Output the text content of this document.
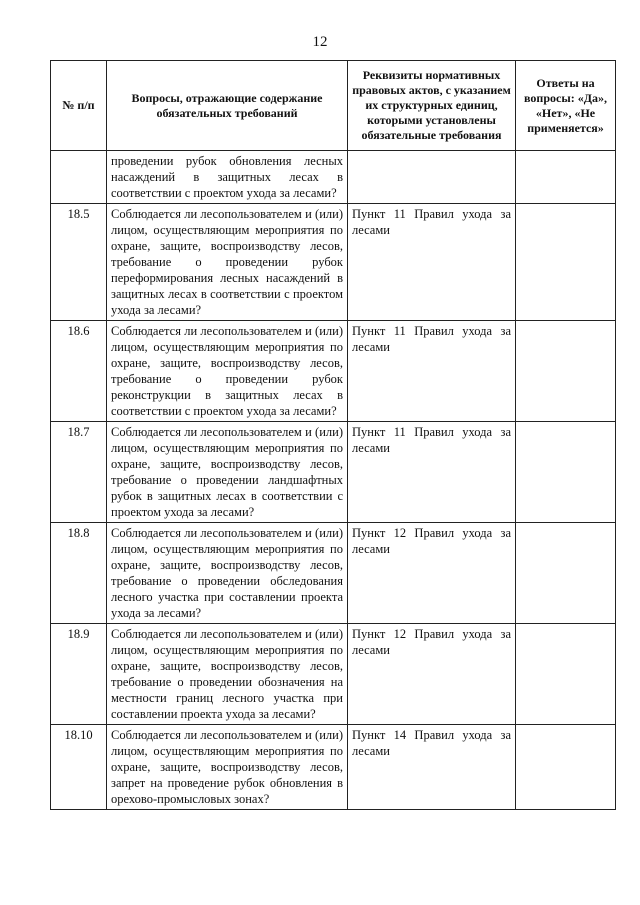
12
№ п/п	Вопросы, отражающие содержание обязательных требований	Реквизиты нормативных правовых актов, с указанием их структурных единиц, которыми установлены обязательные требования	Ответы на вопросы: «Да», «Нет», «Не применяется»
	проведении рубок обновления лесных насаждений в защитных лесах в соответствии с проектом ухода за лесами?		
18.5	Соблюдается ли лесопользователем и (или) лицом, осуществляющим мероприятия по охране, защите, воспроизводству лесов, требование о проведении рубок переформирования лесных насаждений в защитных лесах в соответствии с проектом ухода за лесами?	Пункт 11 Правил ухода за лесами	
18.6	Соблюдается ли лесопользователем и (или) лицом, осуществляющим мероприятия по охране, защите, воспроизводству лесов, требование о проведении рубок реконструкции в защитных лесах в соответствии с проектом ухода за лесами?	Пункт 11 Правил ухода за лесами	
18.7	Соблюдается ли лесопользователем и (или) лицом, осуществляющим мероприятия по охране, защите, воспроизводству лесов, требование о проведении ландшафтных рубок в защитных лесах в соответствии с проектом ухода за лесами?	Пункт 11 Правил ухода за лесами	
18.8	Соблюдается ли лесопользователем и (или) лицом, осуществляющим мероприятия по охране, защите, воспроизводству лесов, требование о проведении обследования лесного участка при составлении проекта ухода за лесами?	Пункт 12 Правил ухода за лесами	
18.9	Соблюдается ли лесопользователем и (или) лицом, осуществляющим мероприятия по охране, защите, воспроизводству лесов, требование о проведении обозначения на местности границ лесного участка при составлении проекта ухода за лесами?	Пункт 12 Правил ухода за лесами	
18.10	Соблюдается ли лесопользователем и (или) лицом, осуществляющим мероприятия по охране, защите, воспроизводству лесов, запрет на проведение рубок обновления в орехово-промысловых зонах?	Пункт 14 Правил ухода за лесами	
